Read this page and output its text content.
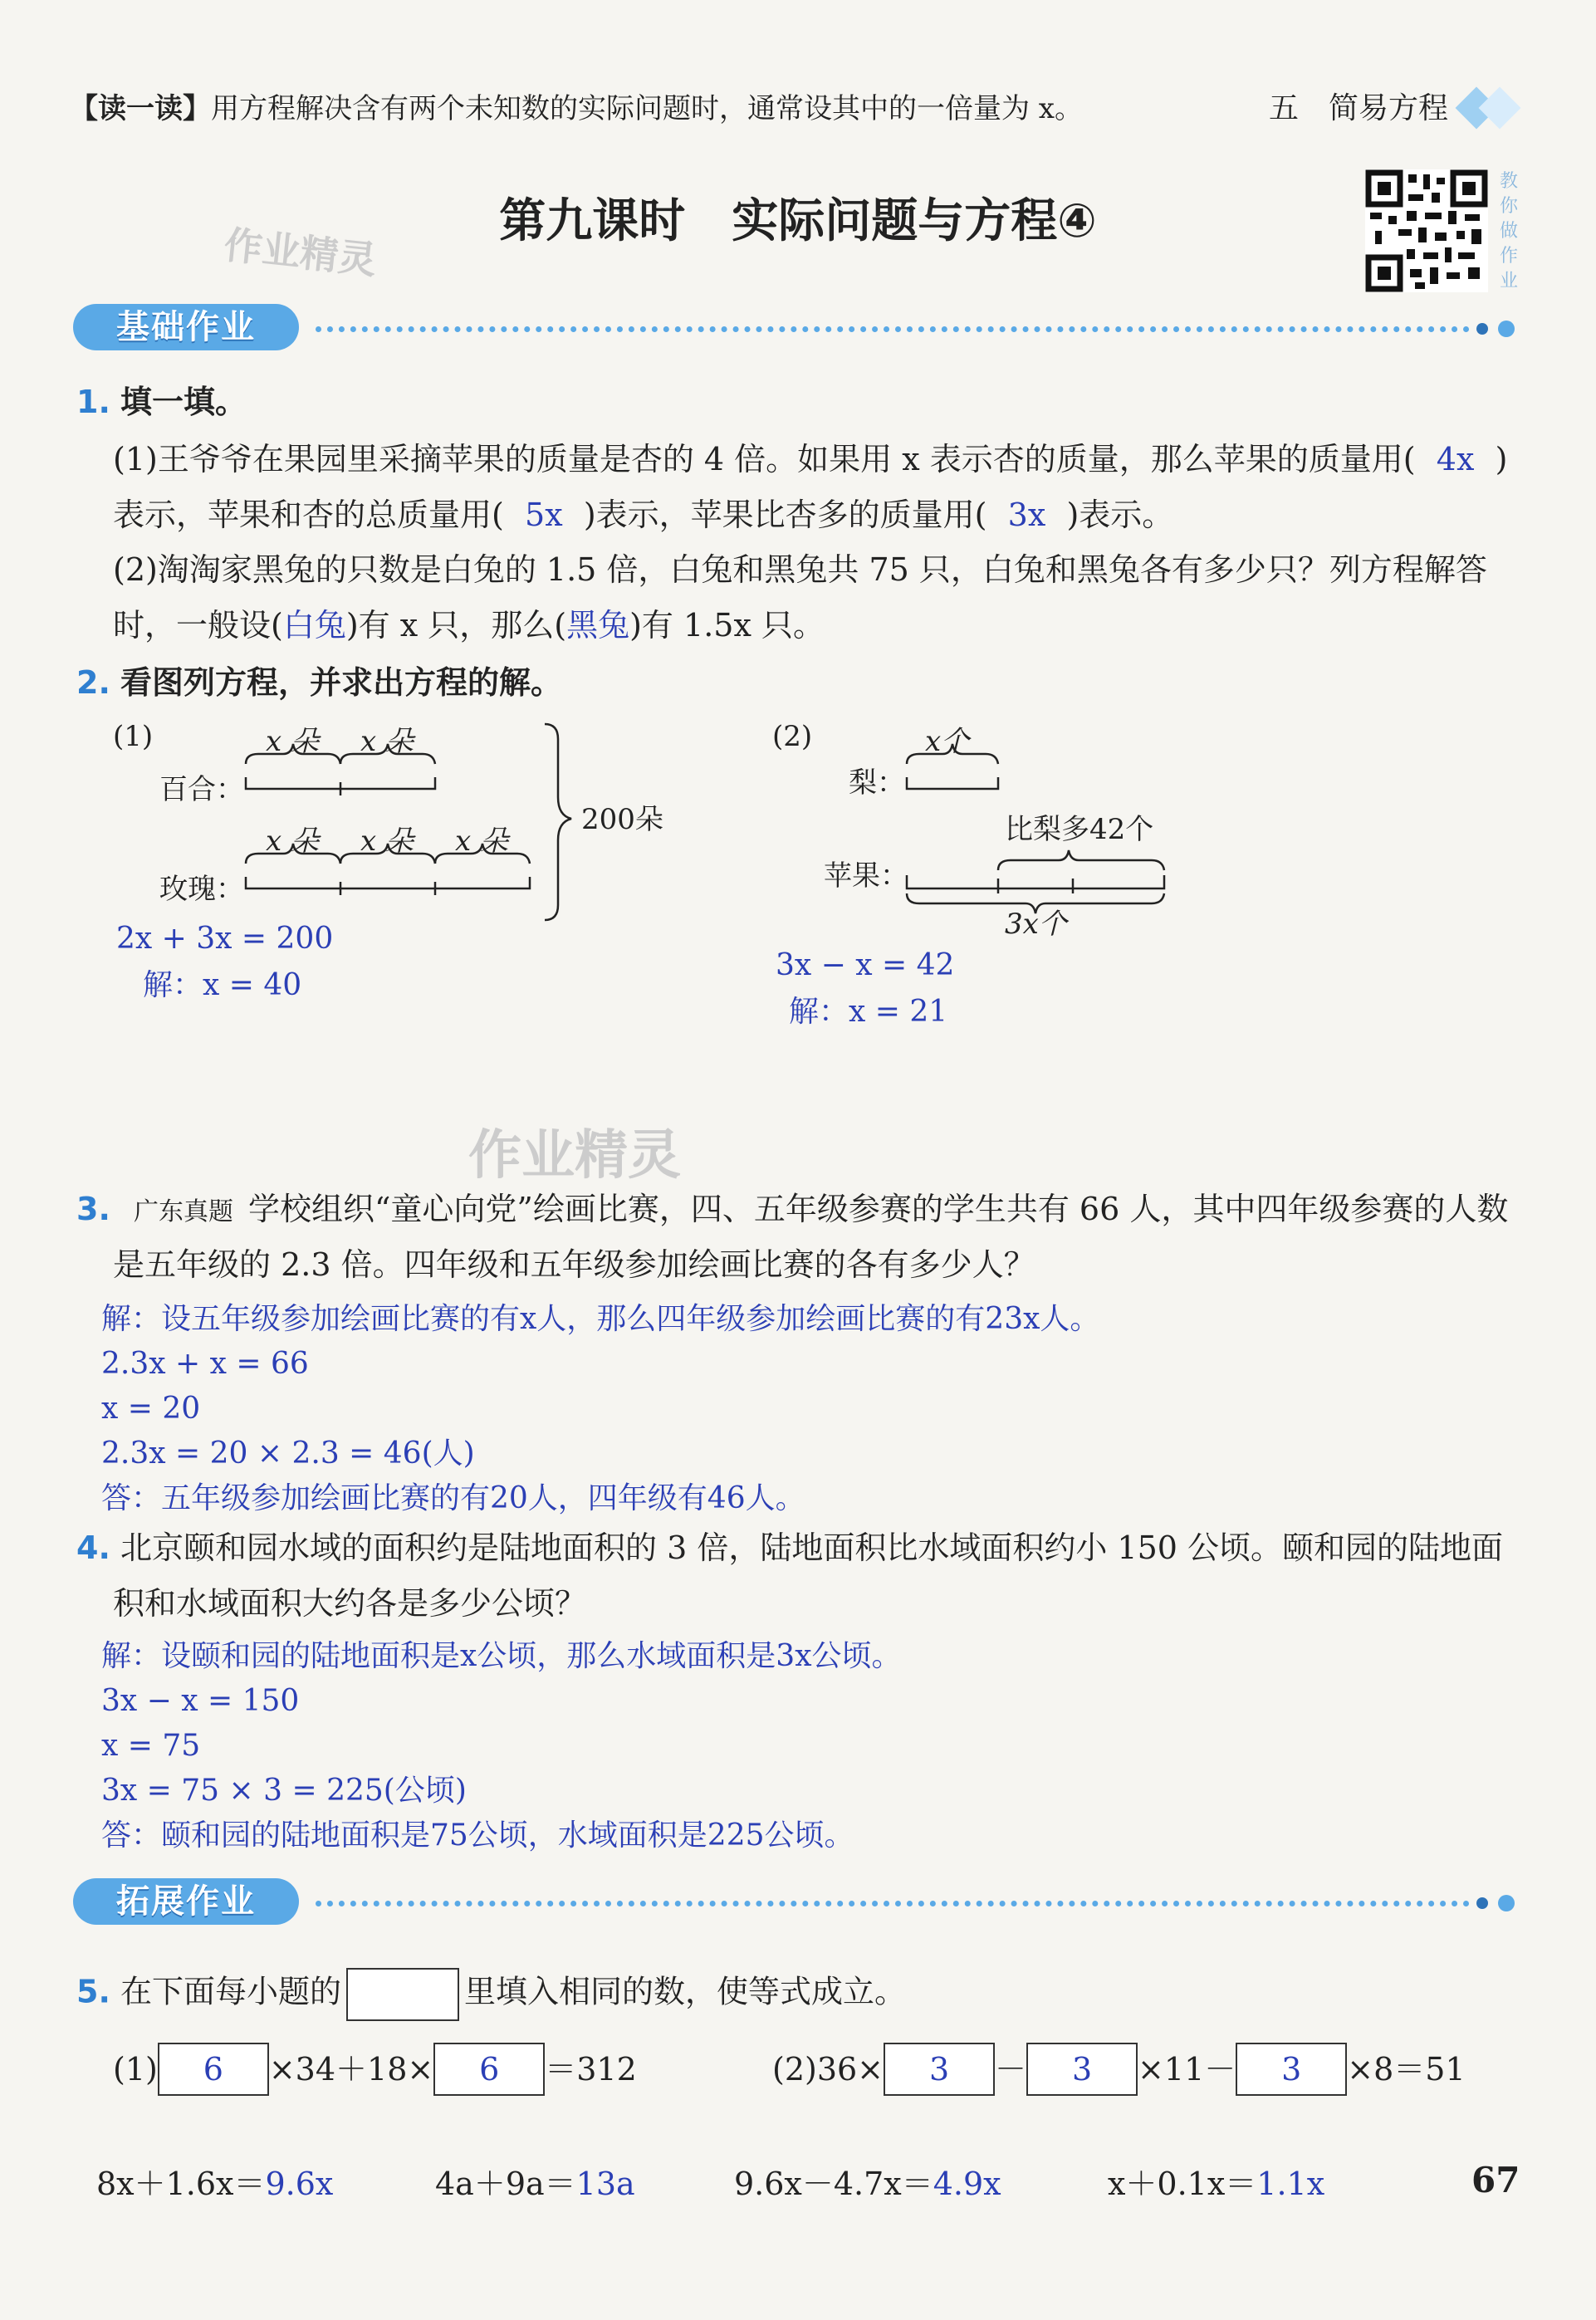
【读一读】用方程解决含有两个未知数的实际问题时，通常设其中的一倍量为 x。	五　简易方程
教你做作业
第九课时　实际问题与方程④
作业精灵
基础作业
1. 填一填。
(1)王爷爷在果园里采摘苹果的质量是杏的 4 倍。如果用 x 表示杏的质量，那么苹果的质量用( 4x )
表示，苹果和杏的总质量用( 5x )表示，苹果比杏多的质量用( 3x )表示。
(2)淘淘家黑兔的只数是白兔的 1.5 倍，白兔和黑兔共 75 只，白兔和黑兔各有多少只？列方程解答
时，一般设(白兔)有 x 只，那么(黑兔)有 1.5x 只。
2. 看图列方程，并求出方程的解。
(1)	x 朵 x 朵
百合：
x 朵 x 朵 x 朵
玫瑰：
200朵
2x + 3x = 200
解：x = 40
(2)	x个
梨：
比梨多42个
苹果：
3x个
3x − x = 42
解：x = 21
作业精灵
3. 广东真题 学校组织“童心向党”绘画比赛，四、五年级参赛的学生共有 66 人，其中四年级参赛的人数
是五年级的 2.3 倍。四年级和五年级参加绘画比赛的各有多少人？
解：设五年级参加绘画比赛的有x人，那么四年级参加绘画比赛的有23x人。
2.3x + x = 66
x = 20
2.3x = 20 × 2.3 = 46(人)
答：五年级参加绘画比赛的有20人，四年级有46人。
4. 北京颐和园水域的面积约是陆地面积的 3 倍，陆地面积比水域面积约小 150 公顷。颐和园的陆地面
积和水域面积大约各是多少公顷？
解：设颐和园的陆地面积是x公顷，那么水域面积是3x公顷。
3x − x = 150
x = 75
3x = 75 × 3 = 225(公顷)
答：颐和园的陆地面积是75公顷，水域面积是225公顷。
拓展作业
5. 在下面每小题的	里填入相同的数，使等式成立。
(1)	6	×34＋18×	6	＝312	(2)36×	3	－	3	×11－	3	×8＝51
8x＋1.6x＝9.6x	4a＋9a＝13a	9.6x－4.7x＝4.9x	x＋0.1x＝1.1x	67
